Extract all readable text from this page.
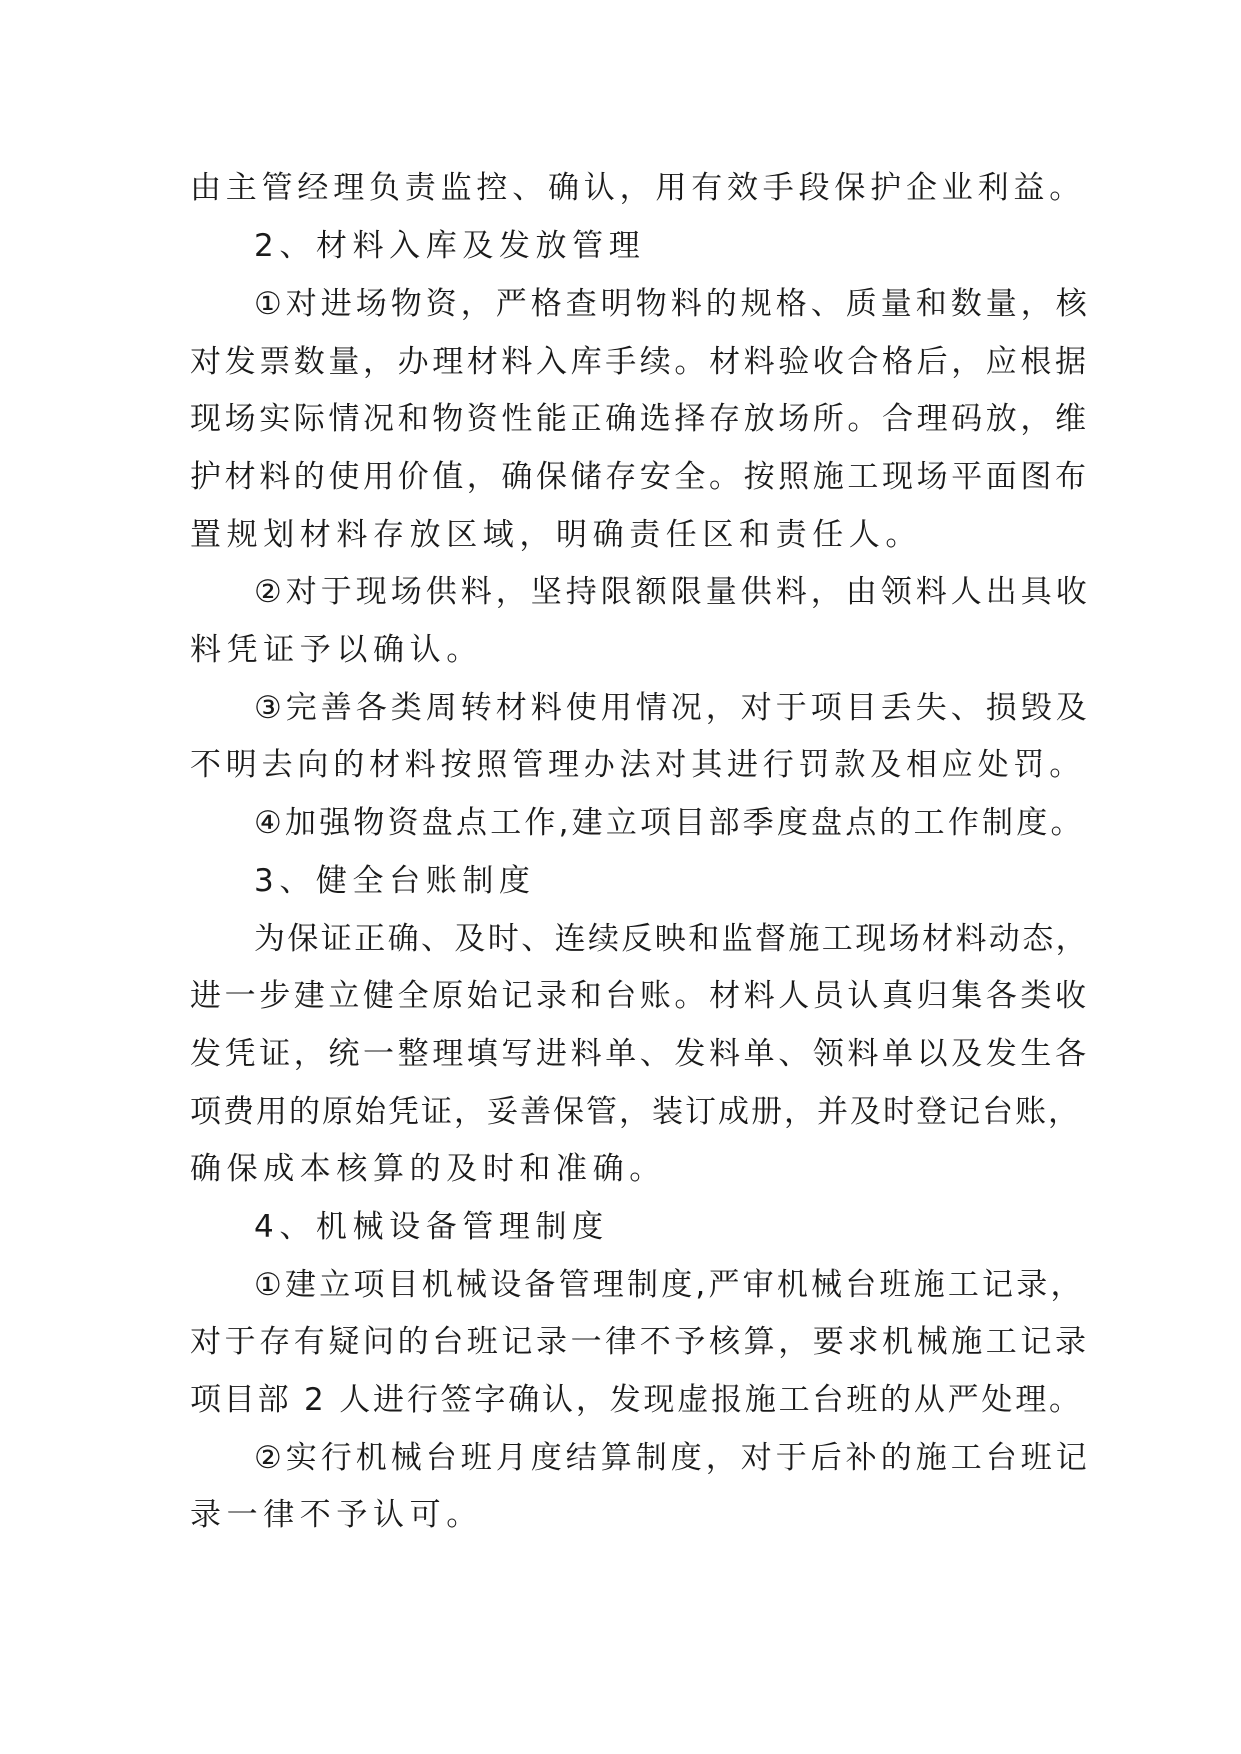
由主管经理负责监控、确认，用有效手段保护企业利益。

2、材料入库及发放管理

①对进场物资，严格查明物料的规格、质量和数量，核

对发票数量，办理材料入库手续。材料验收合格后，应根据

现场实际情况和物资性能正确选择存放场所。合理码放，维

护材料的使用价值，确保储存安全。按照施工现场平面图布

置规划材料存放区域，明确责任区和责任人。

②对于现场供料，坚持限额限量供料，由领料人出具收

料凭证予以确认。

③完善各类周转材料使用情况，对于项目丢失、损毁及

不明去向的材料按照管理办法对其进行罚款及相应处罚。

④加强物资盘点工作,建立项目部季度盘点的工作制度。

3、健全台账制度

为保证正确、及时、连续反映和监督施工现场材料动态，

进一步建立健全原始记录和台账。材料人员认真归集各类收

发凭证，统一整理填写进料单、发料单、领料单以及发生各

项费用的原始凭证，妥善保管，装订成册，并及时登记台账，

确保成本核算的及时和准确。

4、机械设备管理制度

①建立项目机械设备管理制度,严审机械台班施工记录，

对于存有疑问的台班记录一律不予核算，要求机械施工记录

项目部 2 人进行签字确认，发现虚报施工台班的从严处理。

②实行机械台班月度结算制度，对于后补的施工台班记

录一律不予认可。
